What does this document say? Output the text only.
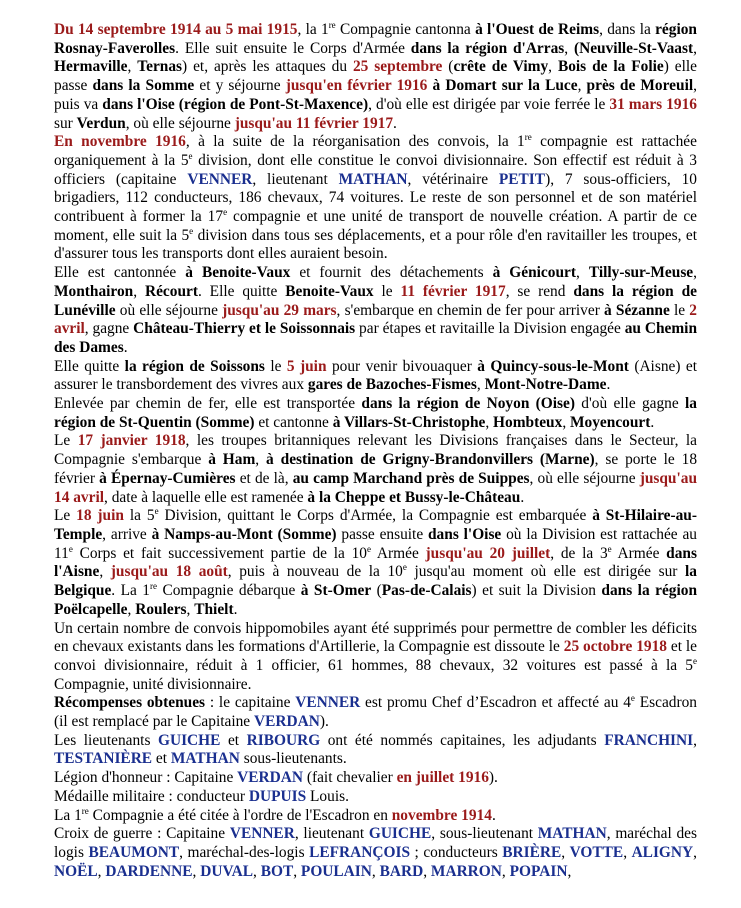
Du 14 septembre 1914 au 5 mai 1915, la 1re Compagnie cantonna à l'Ouest de Reims, dans la région Rosnay-Faverolles. Elle suit ensuite le Corps d'Armée dans la région d'Arras, (Neuville-St-Vaast, Hermaville, Ternas) et, après les attaques du 25 septembre (crête de Vimy, Bois de la Folie) elle passe dans la Somme et y séjourne jusqu'en février 1916 à Domart sur la Luce, près de Moreuil, puis va dans l'Oise (région de Pont-St-Maxence), d'où elle est dirigée par voie ferrée le 31 mars 1916 sur Verdun, où elle séjourne jusqu'au 11 février 1917.

En novembre 1916, à la suite de la réorganisation des convois, la 1re compagnie est rattachée organiquement à la 5e division, dont elle constitue le convoi divisionnaire. Son effectif est réduit à 3 officiers (capitaine VENNER, lieutenant MATHAN, vétérinaire PETIT), 7 sous-officiers, 10 brigadiers, 112 conducteurs, 186 chevaux, 74 voitures. Le reste de son personnel et de son matériel contribuent à former la 17e compagnie et une unité de transport de nouvelle création. A partir de ce moment, elle suit la 5e division dans tous ses déplacements, et a pour rôle d'en ravitailler les troupes, et d'assurer tous les transports dont elles auraient besoin.

Elle est cantonnée à Benoite-Vaux et fournit des détachements à Génicourt, Tilly-sur-Meuse, Monthairon, Récourt. Elle quitte Benoite-Vaux le 11 février 1917, se rend dans la région de Lunéville où elle séjourne jusqu'au 29 mars, s'embarque en chemin de fer pour arriver à Sézanne le 2 avril, gagne Château-Thierry et le Soissonnais par étapes et ravitaille la Division engagée au Chemin des Dames.

Elle quitte la région de Soissons le 5 juin pour venir bivouaquer à Quincy-sous-le-Mont (Aisne) et assurer le transbordement des vivres aux gares de Bazoches-Fismes, Mont-Notre-Dame.

Enlevée par chemin de fer, elle est transportée dans la région de Noyon (Oise) d'où elle gagne la région de St-Quentin (Somme) et cantonne à Villars-St-Christophe, Hombteux, Moyencourt.

Le 17 janvier 1918, les troupes britanniques relevant les Divisions françaises dans le Secteur, la Compagnie s'embarque à Ham, à destination de Grigny-Brandonvillers (Marne), se porte le 18 février à Épernay-Cumières et de là, au camp Marchand près de Suippes, où elle séjourne jusqu'au 14 avril, date à laquelle elle est ramenée à la Cheppe et Bussy-le-Château.

Le 18 juin la 5e Division, quittant le Corps d'Armée, la Compagnie est embarquée à St-Hilaire-au-Temple, arrive à Namps-au-Mont (Somme) passe ensuite dans l'Oise où la Division est rattachée au 11e Corps et fait successivement partie de la 10e Armée jusqu'au 20 juillet, de la 3e Armée dans l'Aisne, jusqu'au 18 août, puis à nouveau de la 10e jusqu'au moment où elle est dirigée sur la Belgique. La 1re Compagnie débarque à St-Omer (Pas-de-Calais) et suit la Division dans la région Poëlcapelle, Roulers, Thielt.

Un certain nombre de convois hippomobiles ayant été supprimés pour permettre de combler les déficits en chevaux existants dans les formations d'Artillerie, la Compagnie est dissoute le 25 octobre 1918 et le convoi divisionnaire, réduit à 1 officier, 61 hommes, 88 chevaux, 32 voitures est passé à la 5e Compagnie, unité divisionnaire.

Récompenses obtenues : le capitaine VENNER est promu Chef d’Escadron et affecté au 4e Escadron (il est remplacé par le Capitaine VERDAN).

Les lieutenants GUICHE et RIBOURG ont été nommés capitaines, les adjudants FRANCHINI, TESTANIÈRE et MATHAN sous-lieutenants.

Légion d'honneur : Capitaine VERDAN (fait chevalier en juillet 1916).

Médaille militaire : conducteur DUPUIS Louis.

La 1re Compagnie a été citée à l'ordre de l'Escadron en novembre 1914.

Croix de guerre : Capitaine VENNER, lieutenant GUICHE, sous-lieutenant MATHAN, maréchal des logis BEAUMONT, maréchal-des-logis LEFRANÇOIS ; conducteurs BRIÈRE, VOTTE, ALIGNY, NOËL, DARDENNE, DUVAL, BOT, POULAIN, BARD, MARRON, POPAIN,
